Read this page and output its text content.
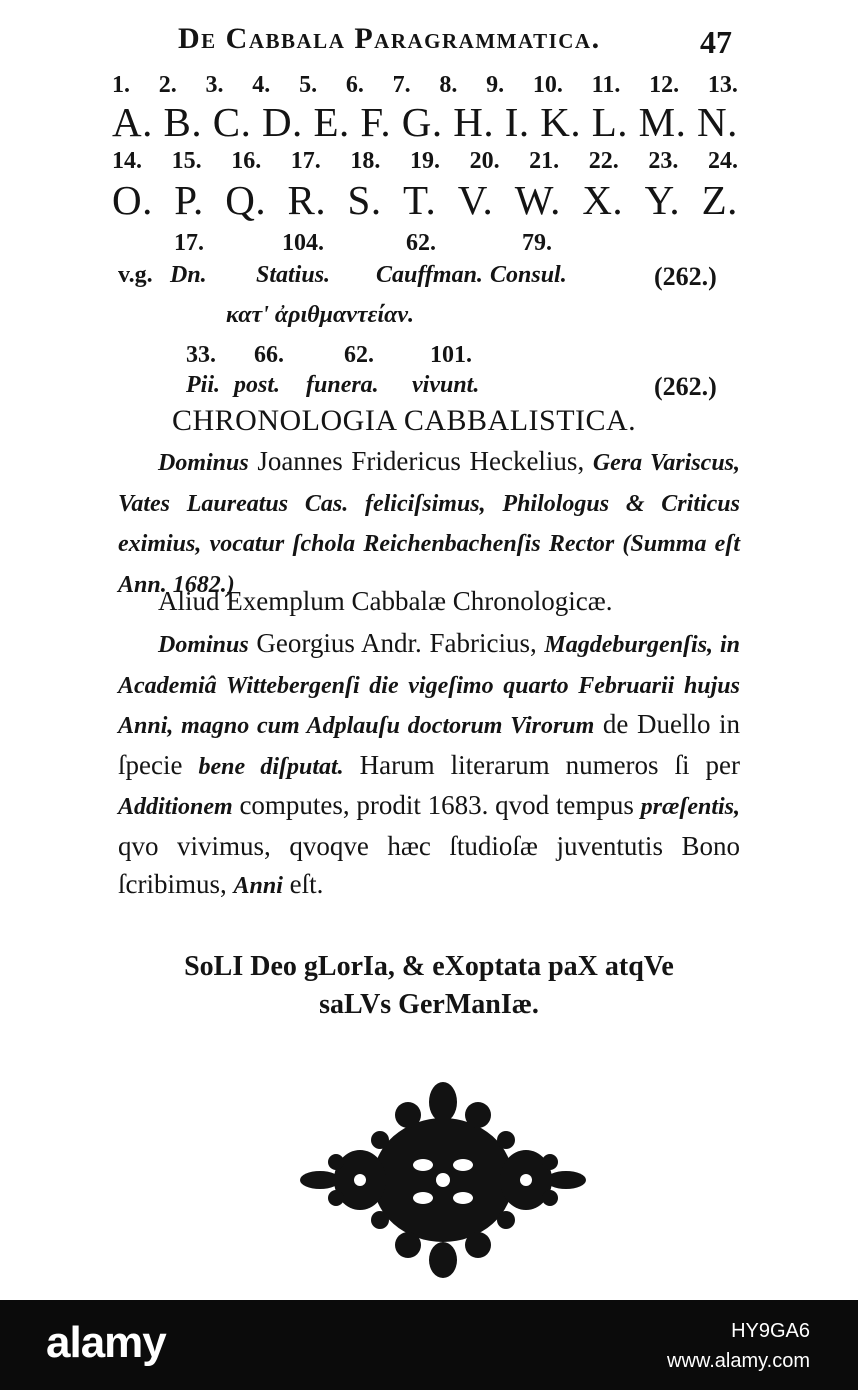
De Cabbala Paragrammatica.	47
1. 2. 3. 4. 5. 6. 7. 8. 9. 10. 11. 12. 13.
A. B. C. D. E. F. G. H. I. K. L. M. N.
14. 15. 16. 17. 18. 19. 20. 21. 22. 23. 24.
O. P. Q. R. S. T. V. W. X. Y. Z.
17.	104.	62.	79.
v.g. Dn. Statius. Cauffman. Consul.	(262.)
κατ' ἀριθμαντείαν.
33. 66.	62. 101.
Pii. post. funera. vivunt.	(262.)
CHRONOLOGIA CABBALISTICA.
Dominus Joannes Fridericus Heckelius, Gera Variscus, Vates Laureatus Cas. feliciſsimus, Philologus & Criticus eximius, vocatur ſchola Reichenbachenſis Rector (Summa eſt Ann. 1682.)
Aliud Exemplum Cabbalæ Chronologicæ.
Dominus Georgius Andr. Fabricius, Magdeburgenſis, in Academiâ Wittebergenſi die vigeſimo quarto Februarii hujus Anni, magno cum Adplauſu doctorum Virorum de Duello in ſpecie bene diſputat. Harum literarum numeros ſi per Additionem computes, prodit 1683. qvod tempus præſentis, qvo vivimus, qvoqve hæc ſtudioſæ juventutis Bono ſcribimus, Anni eſt.
SoLI Deo gLorIa, & eXoptata paX atqVe
saLVs GerManIæ.
alamy	HY9GA6
www.alamy.com
